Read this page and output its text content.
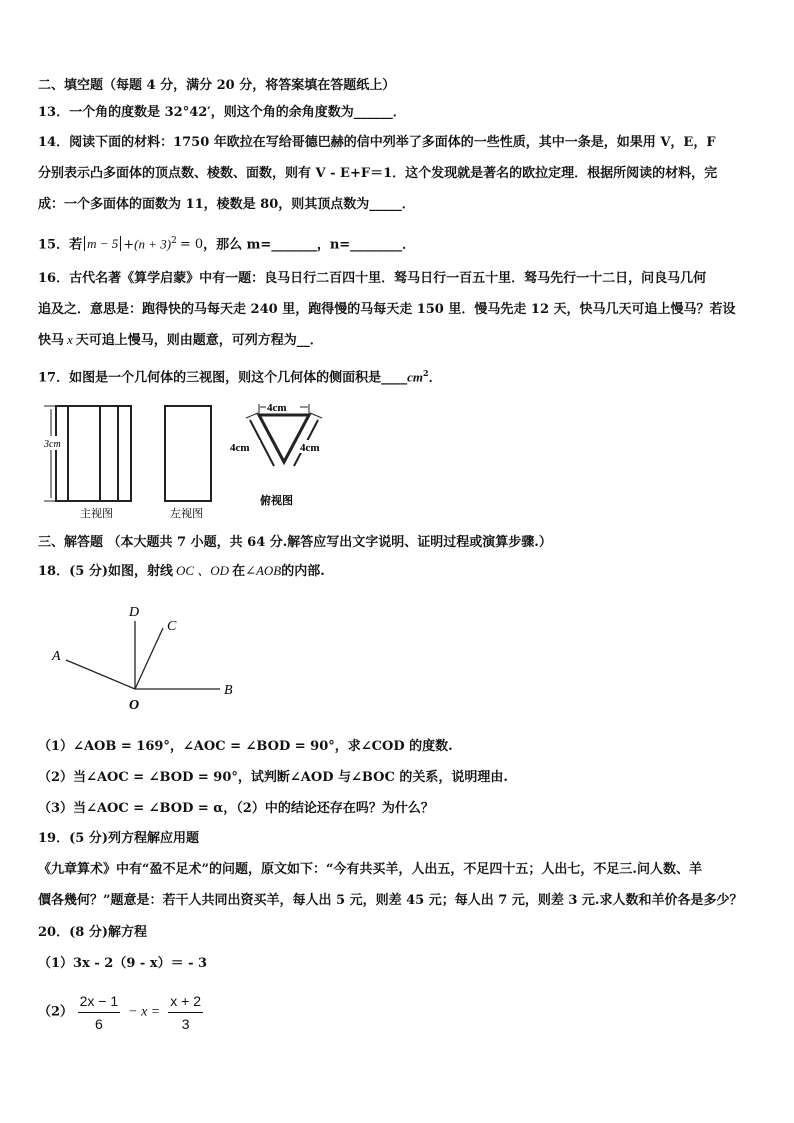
二、填空题（每题 4 分，满分 20 分，将答案填在答题纸上）
13．一个角的度数是 32°42′，则这个角的余角度数为______．
14．阅读下面的材料：1750 年欧拉在写给哥德巴赫的信中列举了多面体的一些性质，其中一条是，如果用 V，E，F
分别表示凸多面体的顶点数、棱数、面数，则有 V - E+F＝1．这个发现就是著名的欧拉定理．根据所阅读的材料，完
成：一个多面体的面数为 11，棱数是 80，则其顶点数为_____．
15．若 $m - 5 +(n + 3)^2 = 0$，那么 m=_______，n=________．
16．古代名著《算学启蒙》中有一题：良马日行二百四十里．驽马日行一百五十里．驽马先行一十二日，问良马几何
追及之．意思是：跑得快的马每天走 240 里，跑得慢的马每天走 150 里．慢马先走 12 天，快马几天可追上慢马？若设
快马 x 天可追上慢马，则由题意，可列方程为__．
17．如图是一个几何体的三视图，则这个几何体的侧面积是$\_\_\_\_cm^2$．
3cm
主视图	左视图
4cm
4cm	4cm
俯视图
三、解答题 （本大题共 7 小题，共 64 分.解答应写出文字说明、证明过程或演算步骤.）
18．(5 分)如图，射线 OC 、OD 在∠AOB的内部.
A
B
C
D
O
（1）∠AOB = 169°，∠AOC = ∠BOD = 90°，求∠COD 的度数.
（2）当∠AOC = ∠BOD = 90°，试判断∠AOD 与∠BOC 的关系，说明理由.
（3）当∠AOC = ∠BOD = α，（2）中的结论还存在吗？为什么？
19．(5 分)列方程解应用题
《九章算术》中有“盈不足术”的问题，原文如下：“今有共买羊，人出五，不足四十五；人出七，不足三.问人数、羊
價各幾何？”题意是：若干人共同出资买羊，每人出 5 元，则差 45 元；每人出 7 元，则差 3 元.求人数和羊价各是多少？
20．(8 分)解方程
（1）3x - 2（9 - x）＝ - 3
$(2) \frac{2x - 1}{6} - x = \frac{x + 2}{3}$
